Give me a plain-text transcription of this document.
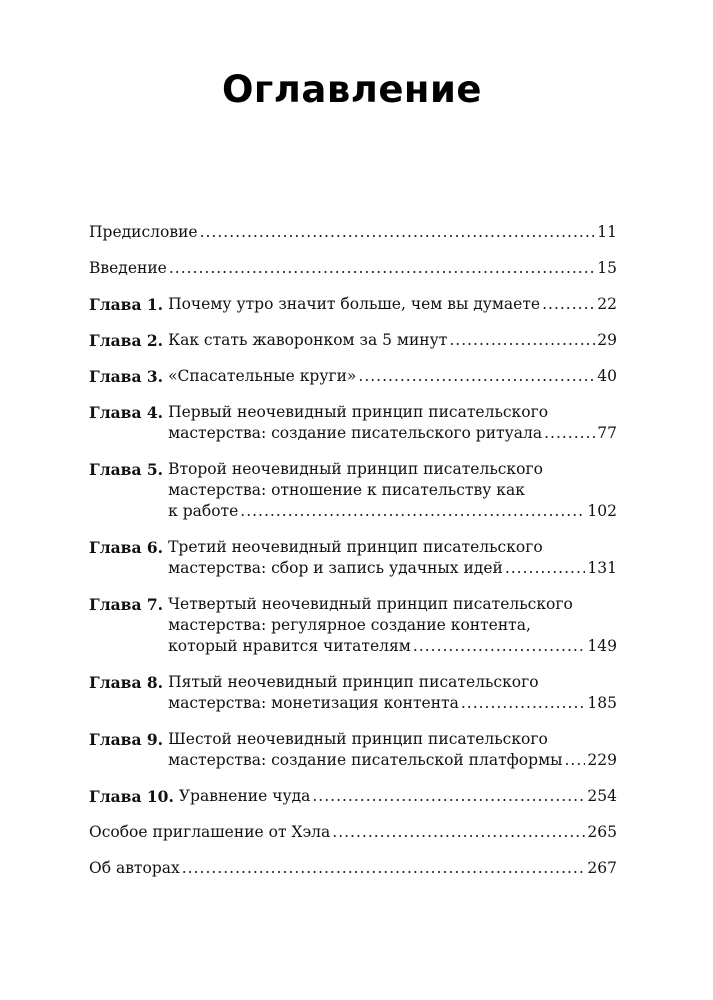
Оглавление
Предисловие .....	11
Введение .....	15
Глава 1. Почему утро значит больше, чем вы думаете .....	22
Глава 2. Как стать жаворонком за 5 минут .....	29
Глава 3. «Спасательные круги» .....	40
Глава 4. Первый неочевидный принцип писательского
мастерства: создание писательского ритуала .....	77
Глава 5. Второй неочевидный принцип писательского
мастерства: отношение к писательству как
к работе .....	102
Глава 6. Третий неочевидный принцип писательского
мастерства: сбор и запись удачных идей .....	131
Глава 7. Четвертый неочевидный принцип писательского
мастерства: регулярное создание контента,
который нравится читателям .....	149
Глава 8. Пятый неочевидный принцип писательского
мастерства: монетизация контента .....	185
Глава 9. Шестой неочевидный принцип писательского
мастерства: создание писательской платформы ..... 229
Глава 10. Уравнение чуда .....	254
Особое приглашение от Хэла .....	265
Об авторах .....	267
